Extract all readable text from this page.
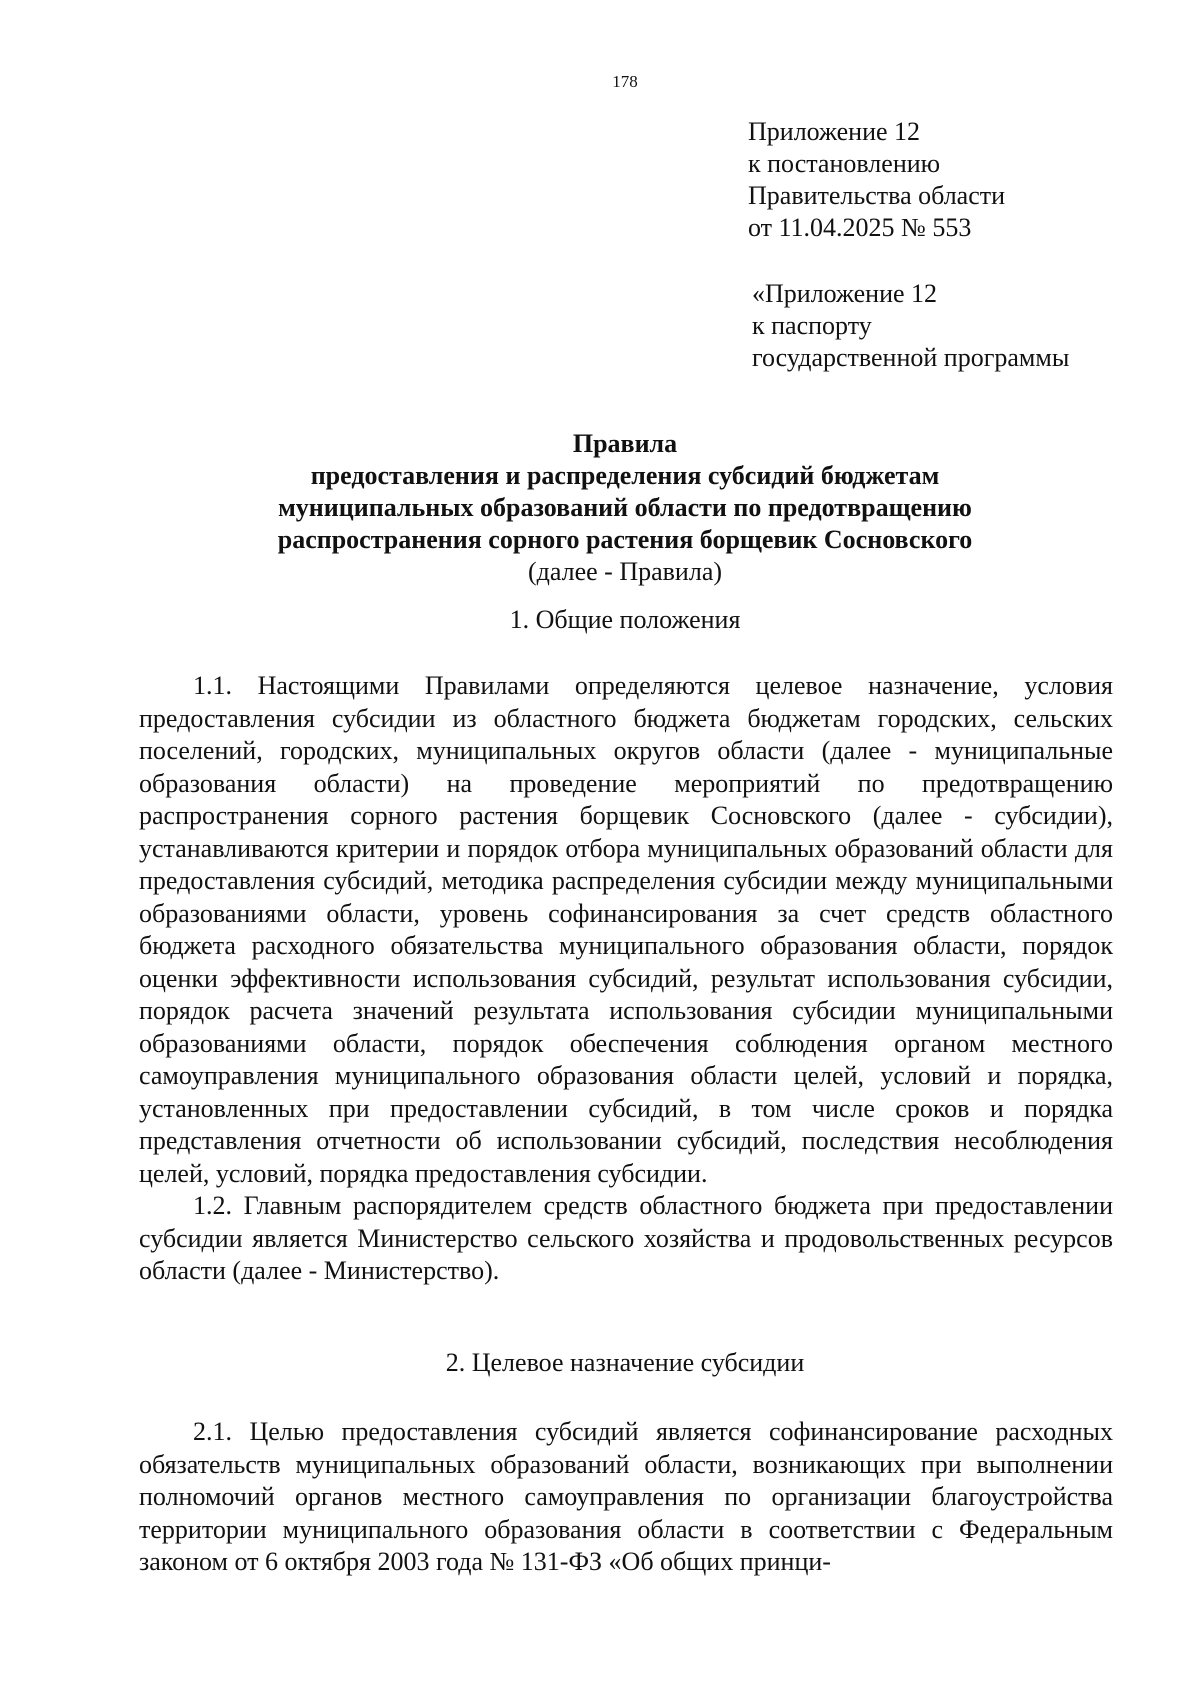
178
Приложение 12
к постановлению
Правительства области
от 11.04.2025 № 553
«Приложение 12
к паспорту
государственной программы
Правила
предоставления и распределения субсидий бюджетам
муниципальных образований области по предотвращению
распространения сорного растения борщевик Сосновского
(далее - Правила)
1. Общие положения

1.1. Настоящими Правилами определяются целевое назначение, условия предоставления субсидии из областного бюджета бюджетам городских, сельских поселений, городских, муниципальных округов области (далее - муниципальные образования области) на проведение мероприятий по предотвращению распространения сорного растения борщевик Сосновского (далее - субсидии), устанавливаются критерии и порядок отбора муниципальных образований области для предоставления субсидий, методика распределения субсидии между муниципальными образованиями области, уровень софинансирования за счет средств областного бюджета расходного обязательства муниципального образования области, порядок оценки эффективности использования субсидий, результат использования субсидии, порядок расчета значений результата использования субсидии муниципальными образованиями области, порядок обеспечения соблюдения органом местного самоуправления муниципального образования области целей, условий и порядка, установленных при предоставлении субсидий, в том числе сроков и порядка представления отчетности об использовании субсидий, последствия несоблюдения целей, условий, порядка предоставления субсидии.

1.2. Главным распорядителем средств областного бюджета при предоставлении субсидии является Министерство сельского хозяйства и продовольственных ресурсов области (далее - Министерство).

2. Целевое назначение субсидии

2.1. Целью предоставления субсидий является софинансирование расходных обязательств муниципальных образований области, возникающих при выполнении полномочий органов местного самоуправления по организации благоустройства территории муниципального образования области в соответствии с Федеральным законом от 6 октября 2003 года № 131-ФЗ «Об общих принци-
